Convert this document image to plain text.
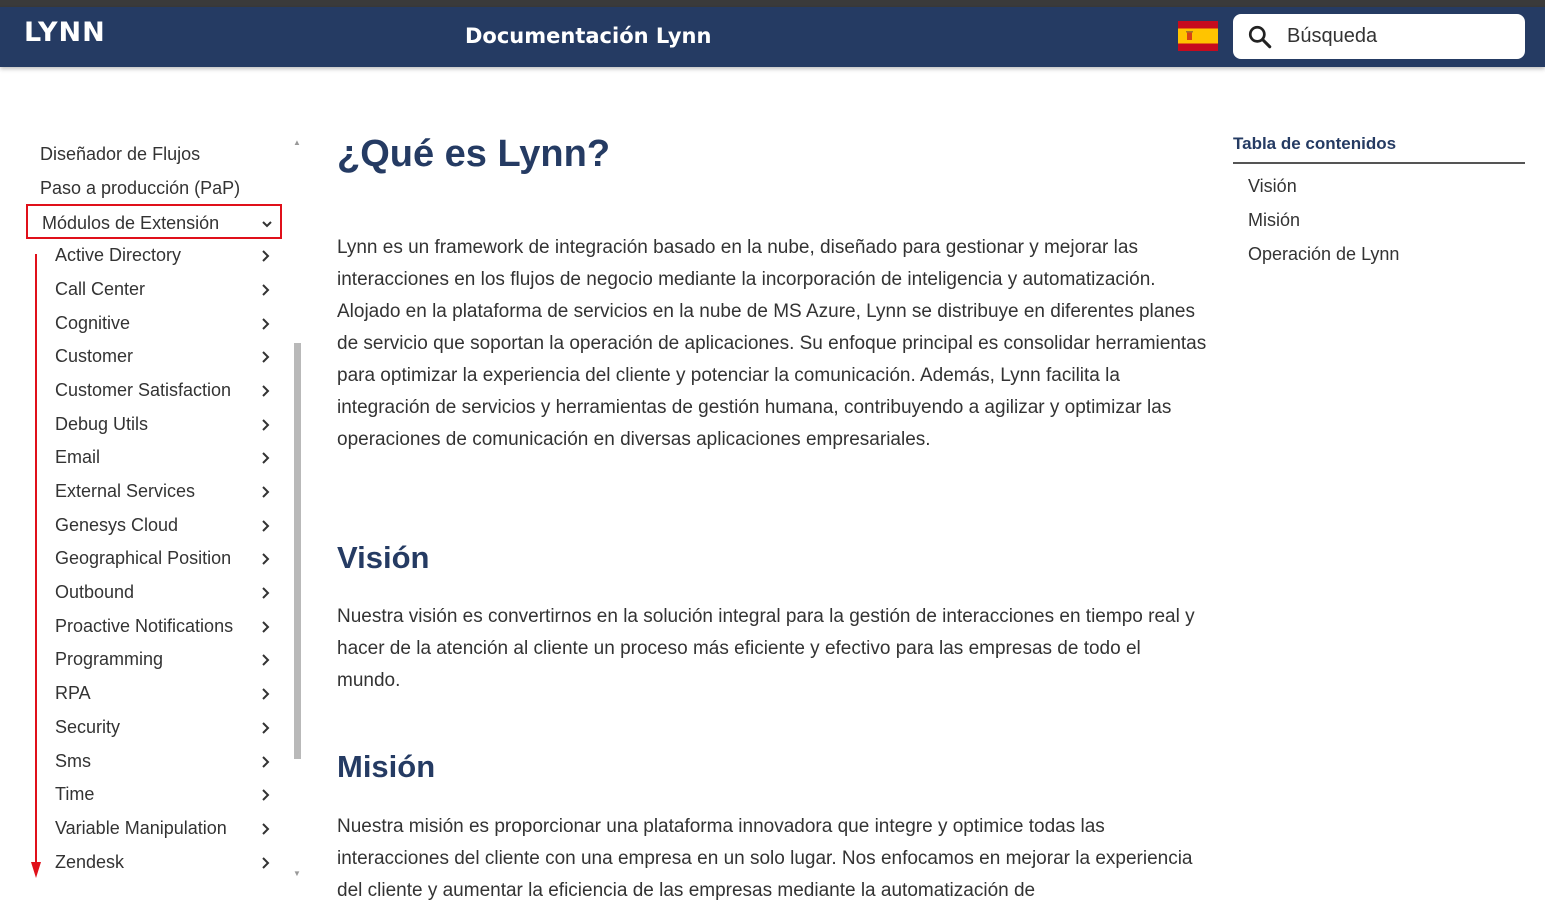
LYNN	Documentación Lynn
Búsqueda
Diseñador de Flujos
Paso a producción (PaP)
Módulos de Extensión
Active Directory
Call Center
Cognitive
Customer
Customer Satisfaction
Debug Utils
Email
External Services
Genesys Cloud
Geographical Position
Outbound
Proactive Notifications
Programming
RPA
Security
Sms
Time
Variable Manipulation
Zendesk
▲
▼
¿Qué es Lynn?
Lynn es un framework de integración basado en la nube, diseñado para gestionar y mejorar las interacciones en los flujos de negocio mediante la incorporación de inteligencia y automatización. Alojado en la plataforma de servicios en la nube de MS Azure, Lynn se distribuye en diferentes planes de servicio que soportan la operación de aplicaciones. Su enfoque principal es consolidar herramientas para optimizar la experiencia del cliente y potenciar la comunicación. Además, Lynn facilita la integración de servicios y herramientas de gestión humana, contribuyendo a agilizar y optimizar las operaciones de comunicación en diversas aplicaciones empresariales.
Visión
Nuestra visión es convertirnos en la solución integral para la gestión de interacciones en tiempo real y hacer de la atención al cliente un proceso más eficiente y efectivo para las empresas de todo el mundo.
Misión
Nuestra misión es proporcionar una plataforma innovadora que integre y optimice todas las interacciones del cliente con una empresa en un solo lugar. Nos enfocamos en mejorar la experiencia del cliente y aumentar la eficiencia de las empresas mediante la automatización de
Tabla de contenidos
Visión
Misión
Operación de Lynn
